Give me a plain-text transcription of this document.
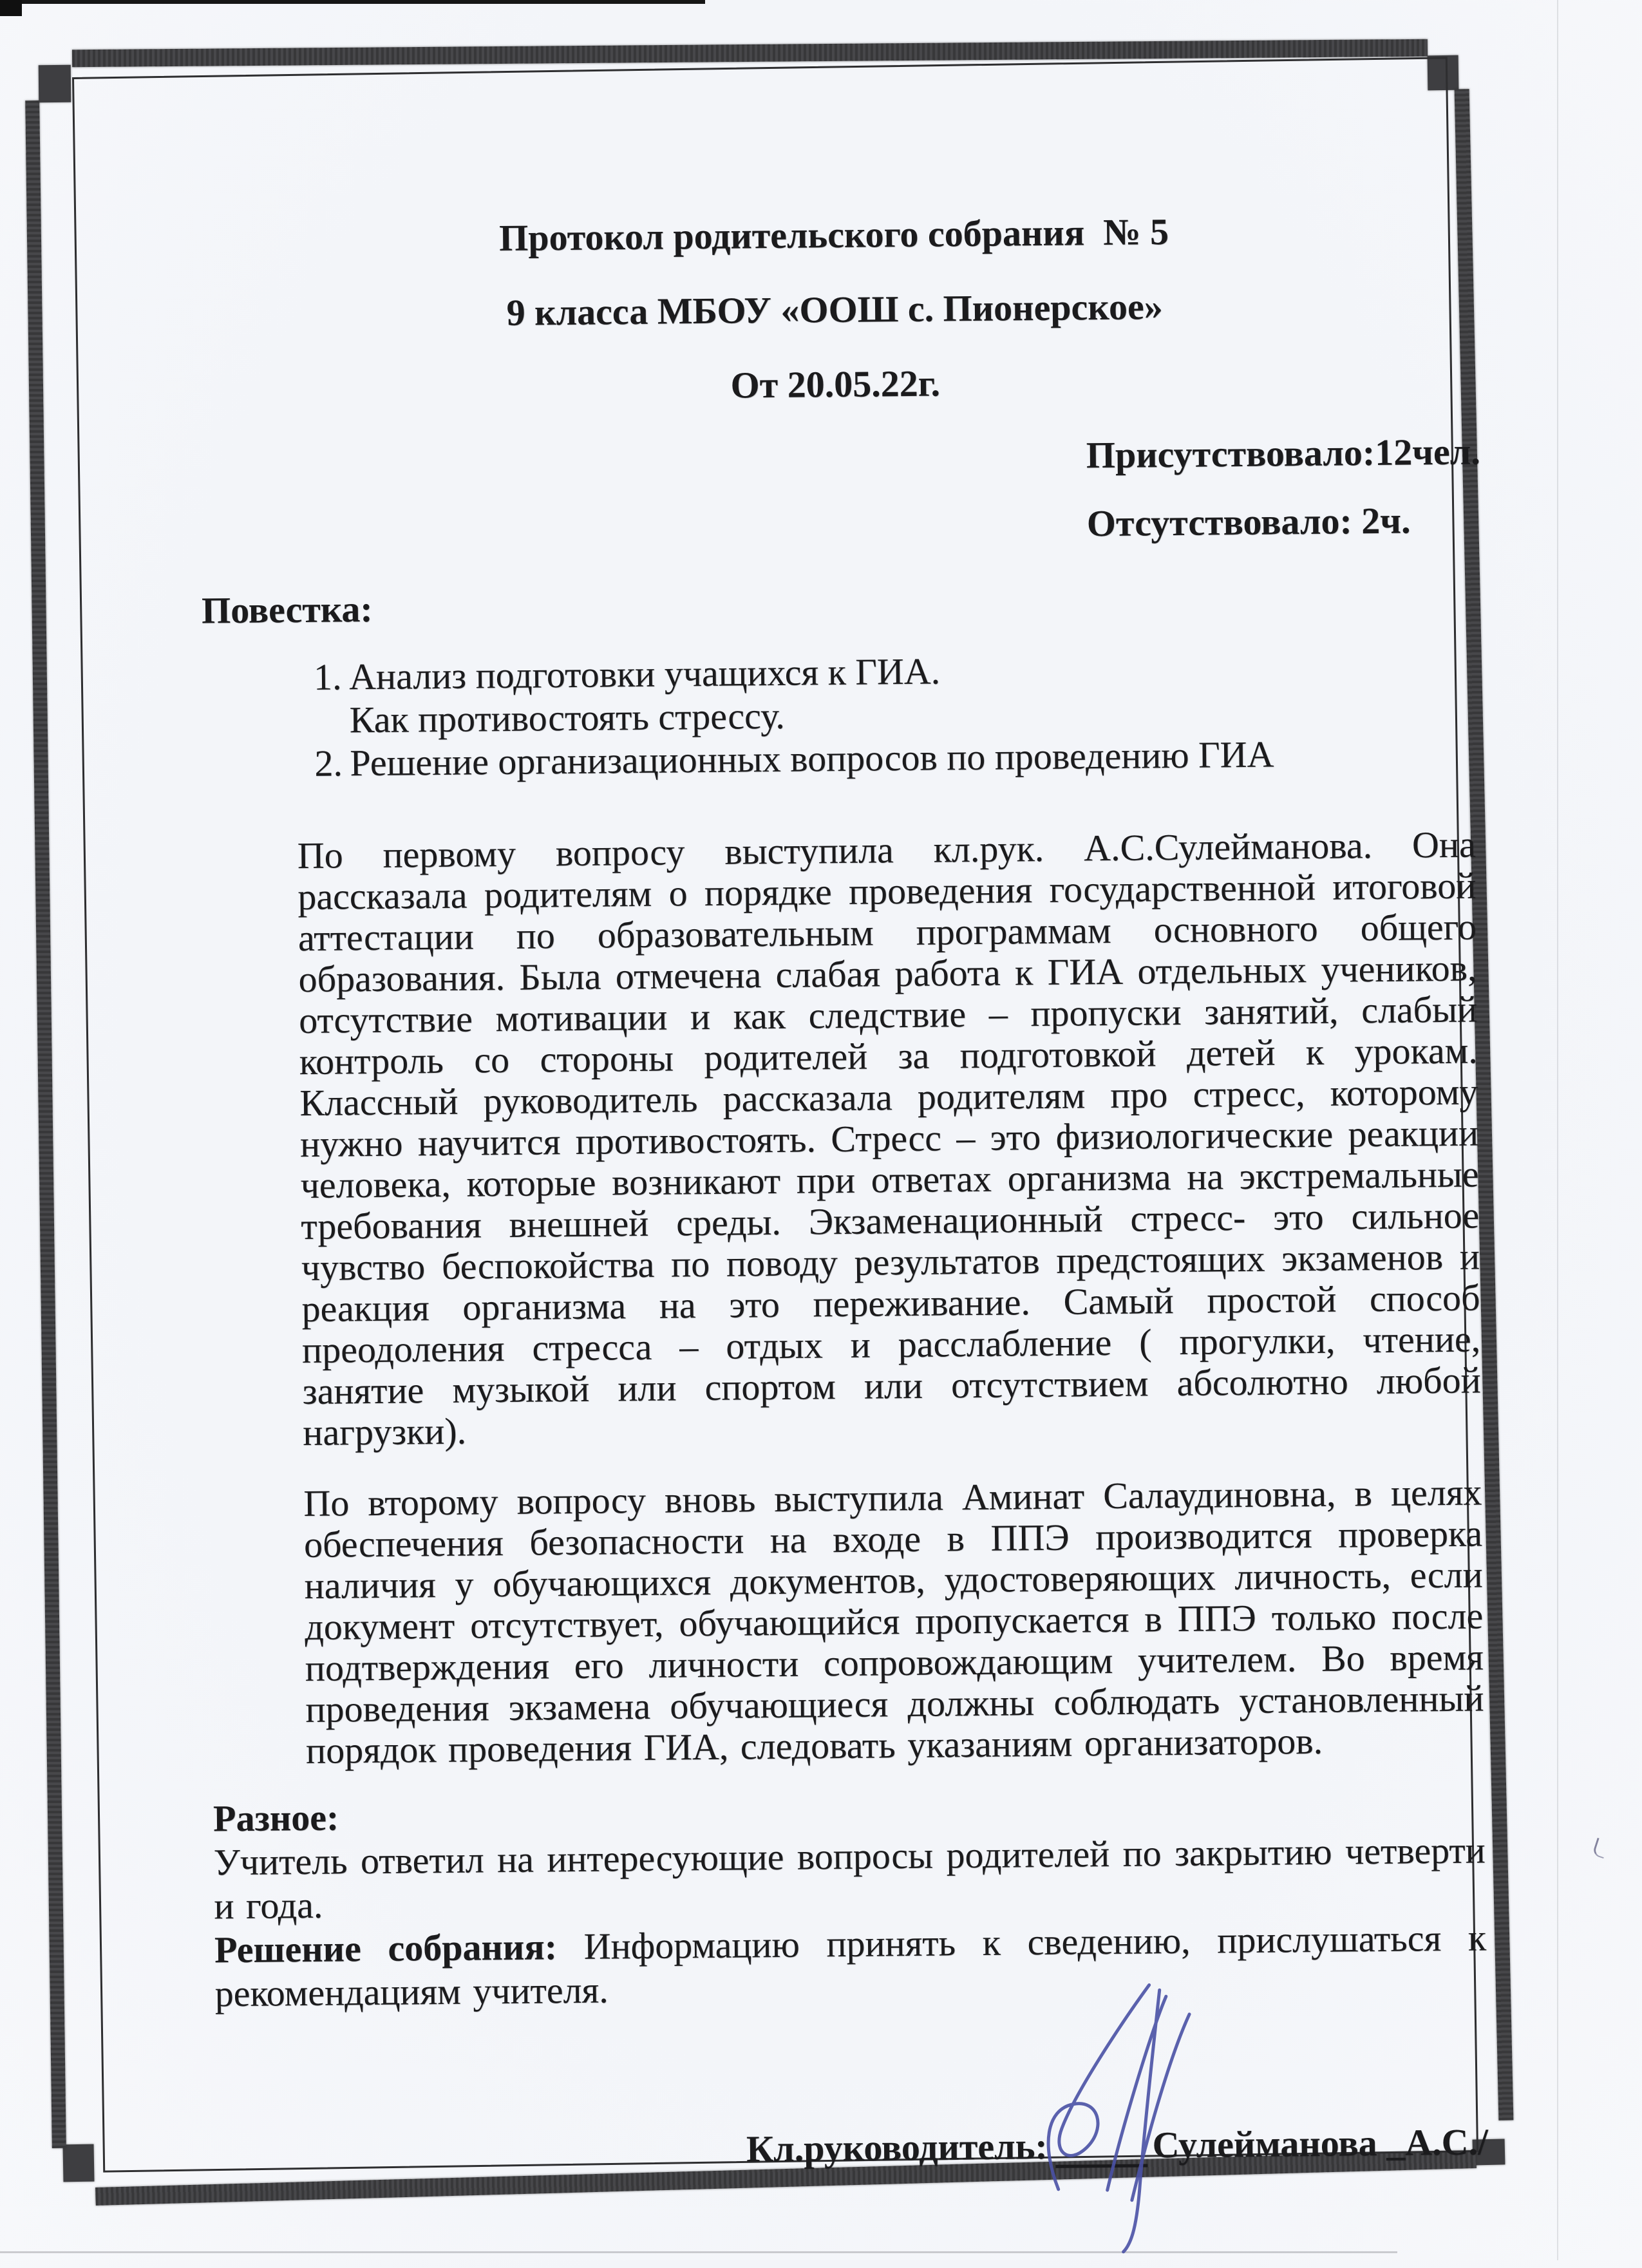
Протокол родительского собрания  № 5
9 класса МБОУ «ООШ с. Пионерское»
От 20.05.22г.
Присутствовало:12чел.
Отсутствовало: 2ч.
Повестка:
1. Анализ подготовки учащихся к ГИА.
Как противостоять стрессу.
2. Решение организационных вопросов по проведению ГИА
По первому вопросу выступила кл.рук. А.С.Сулейманова. Она рассказала родителям о порядке проведения государственной итоговой аттестации по образовательным программам основного общего образования. Была отмечена слабая работа к ГИА отдельных учеников, отсутствие мотивации и как следствие – пропуски занятий, слабый контроль со стороны родителей за подготовкой детей к урокам. Классный руководитель рассказала родителям про стресс, которому нужно научится противостоять. Стресс – это физиологические реакции человека, которые возникают при ответах организма на экстремальные требования внешней среды. Экзаменационный стресс- это сильное чувство беспокойства по поводу результатов предстоящих экзаменов и реакция организма на это переживание. Самый простой способ преодоления стресса – отдых и расслабление ( прогулки, чтение, занятие музыкой или спортом или отсутствием абсолютно любой нагрузки).
По второму вопросу вновь выступила Аминат Салаудиновна, в целях обеспечения безопасности на входе в ППЭ производится проверка наличия у обучающихся документов, удостоверяющих личность, если документ отсутствует, обучающийся пропускается в ППЭ только после подтверждения его личности сопровождающим учителем. Во время проведения экзамена обучающиеся должны соблюдать установленный порядок проведения ГИА, следовать указаниям организаторов.
Разное:

Учитель ответил на интересующие вопросы родителей по закрытию четверти и года.

Решение собрания: Информацию принять к сведению, прислушаться к рекомендациям учителя.

Кл.руководитель:	Сулейманова _А.С./
